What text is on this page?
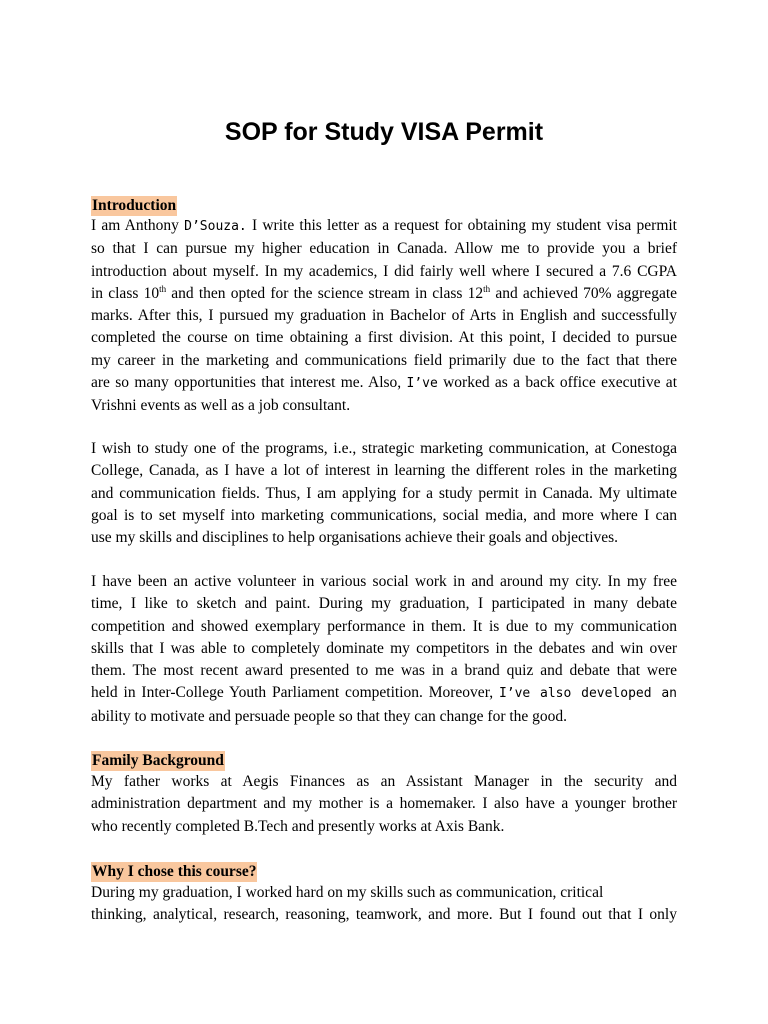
SOP for Study VISA Permit
Introduction
I am Anthony D’Souza. I write this letter as a request for obtaining my student visa permit
so that I can pursue my higher education in Canada. Allow me to provide you a brief
introduction about myself. In my academics, I did fairly well where I secured a 7.6 CGPA
in class 10th and then opted for the science stream in class 12th and achieved 70% aggregate
marks. After this, I pursued my graduation in Bachelor of Arts in English and successfully
completed the course on time obtaining a first division. At this point, I decided to pursue
my career in the marketing and communications field primarily due to the fact that there
are so many opportunities that interest me. Also, I’ve worked as a back office executive at
Vrishni events as well as a job consultant.
I wish to study one of the programs, i.e., strategic marketing communication, at Conestoga
College, Canada, as I have a lot of interest in learning the different roles in the marketing
and communication fields. Thus, I am applying for a study permit in Canada. My ultimate
goal is to set myself into marketing communications, social media, and more where I can
use my skills and disciplines to help organisations achieve their goals and objectives.
I have been an active volunteer in various social work in and around my city. In my free
time, I like to sketch and paint. During my graduation, I participated in many debate
competition and showed exemplary performance in them. It is due to my communication
skills that I was able to completely dominate my competitors in the debates and win over
them. The most recent award presented to me was in a brand quiz and debate that were
held in Inter-College Youth Parliament competition. Moreover, I’ve also developed an
ability to motivate and persuade people so that they can change for the good.
Family Background
My father works at Aegis Finances as an Assistant Manager in the security and
administration department and my mother is a homemaker. I also have a younger brother
who recently completed B.Tech and presently works at Axis Bank.
Why I chose this course?
During my graduation, I worked hard on my skills such as communication, critical
thinking, analytical, research, reasoning, teamwork, and more. But I found out that I only
